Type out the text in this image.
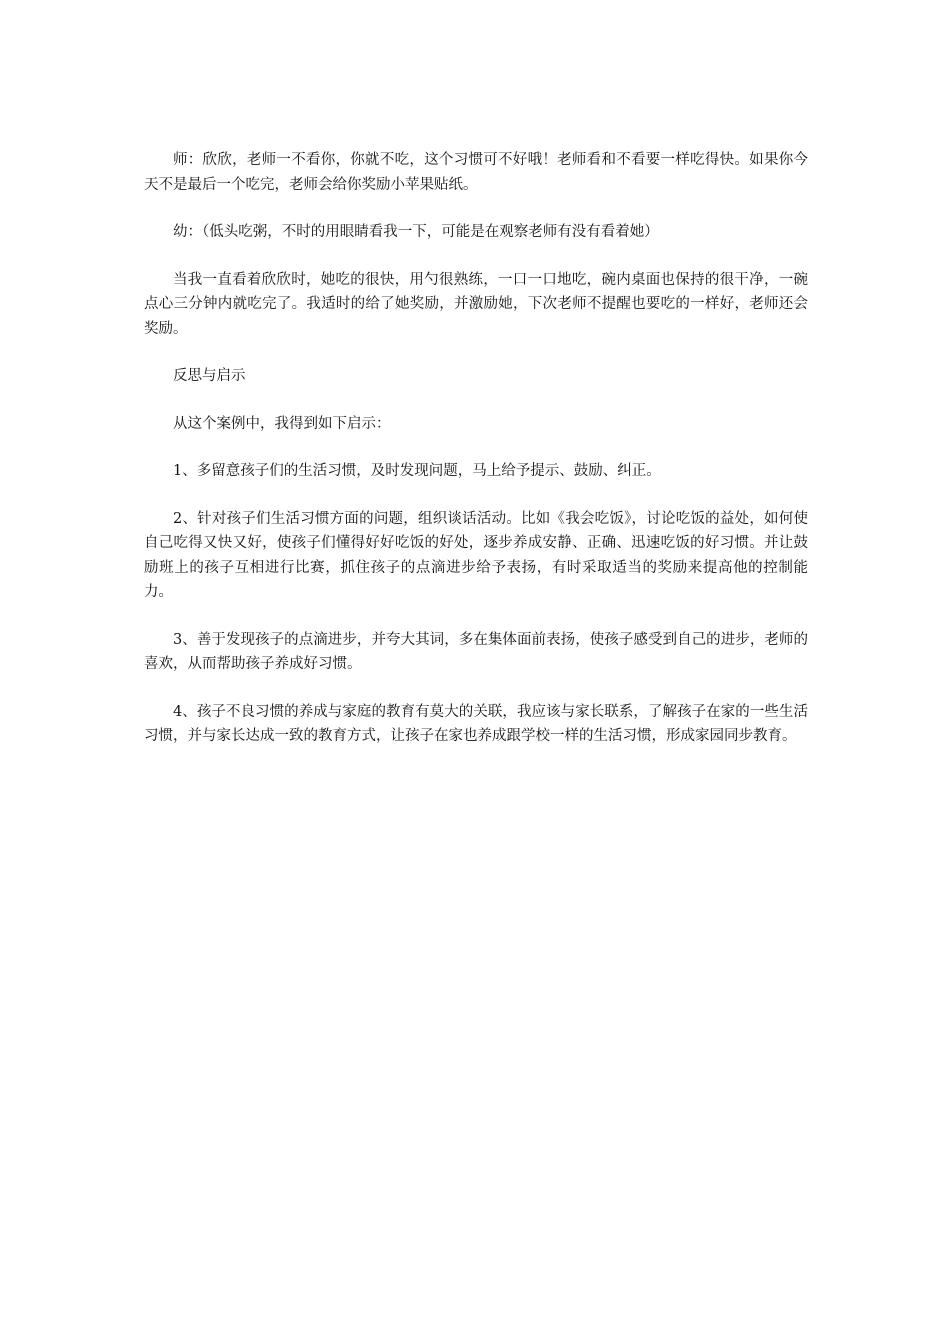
师：欣欣，老师一不看你，你就不吃，这个习惯可不好哦！老师看和不看要一样吃得快。如果你今天不是最后一个吃完，老师会给你奖励小苹果贴纸。

幼：（低头吃粥，不时的用眼睛看我一下，可能是在观察老师有没有看着她）

当我一直看着欣欣时，她吃的很快，用勺很熟练，一口一口地吃，碗内桌面也保持的很干净，一碗点心三分钟内就吃完了。我适时的给了她奖励，并激励她，下次老师不提醒也要吃的一样好，老师还会奖励。

反思与启示

从这个案例中，我得到如下启示：

1、多留意孩子们的生活习惯，及时发现问题，马上给予提示、鼓励、纠正。

2、针对孩子们生活习惯方面的问题，组织谈话活动。比如《我会吃饭》，讨论吃饭的益处，如何使自己吃得又快又好，使孩子们懂得好好吃饭的好处，逐步养成安静、正确、迅速吃饭的好习惯。并让鼓励班上的孩子互相进行比赛，抓住孩子的点滴进步给予表扬，有时采取适当的奖励来提高他的控制能力。

3、善于发现孩子的点滴进步，并夸大其词，多在集体面前表扬，使孩子感受到自己的进步，老师的喜欢，从而帮助孩子养成好习惯。

4、孩子不良习惯的养成与家庭的教育有莫大的关联，我应该与家长联系，了解孩子在家的一些生活习惯，并与家长达成一致的教育方式，让孩子在家也养成跟学校一样的生活习惯，形成家园同步教育。
